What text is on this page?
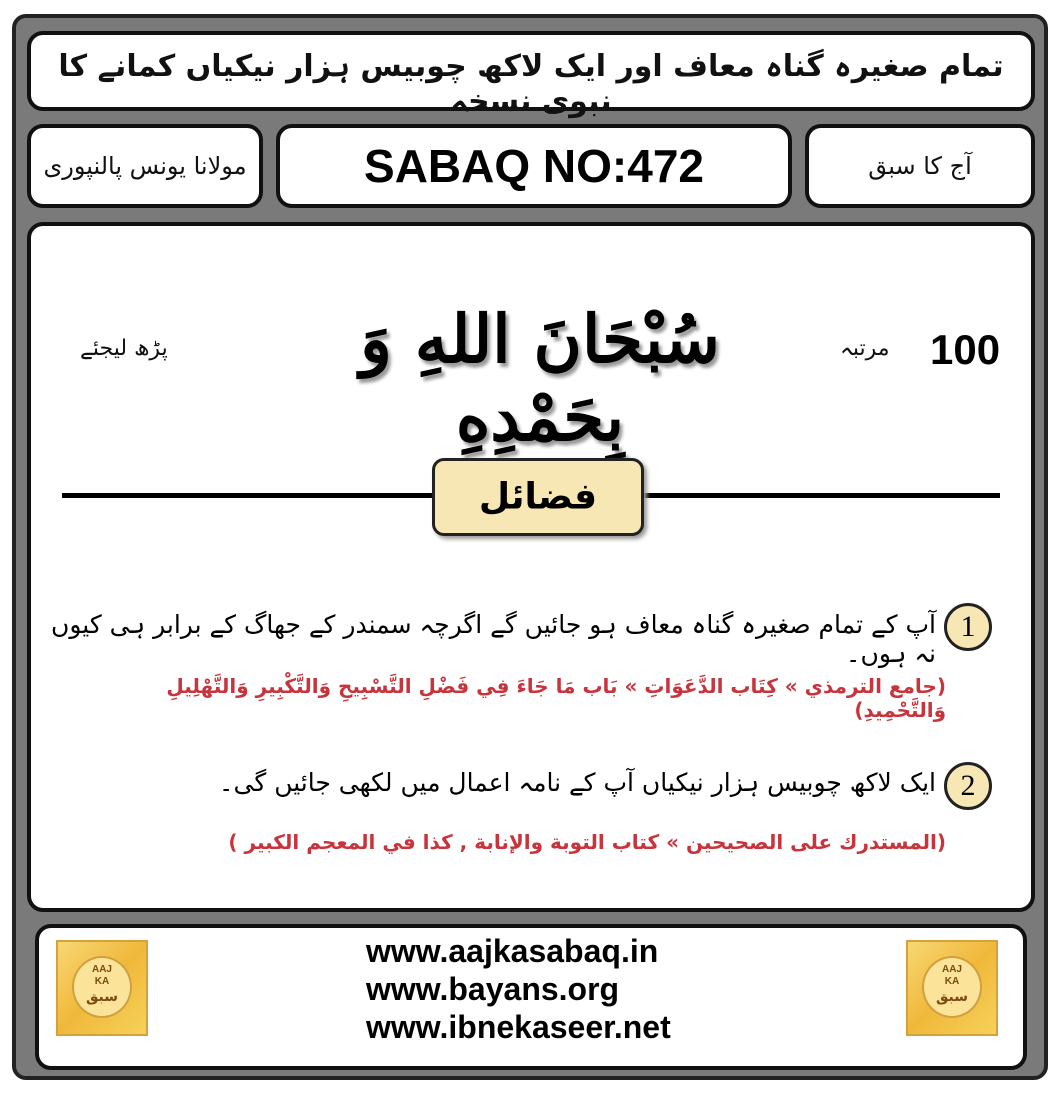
تمام صغیرہ گناہ معاف اور ایک لاکھ چوبیس ہزار نیکیاں کمانے کا نبوی نسخہ
مولانا یونس پالنپوری	SABAQ NO:472	آج کا سبق
100
مرتبہ
سُبْحَانَ اللهِ وَ بِحَمْدِهِ
پڑھ لیجئے
فضائل
1
آپ کے تمام صغیرہ گناہ معاف ہو جائیں گے اگرچہ سمندر کے جھاگ کے برابر ہی کیوں نہ ہوں۔
(جامع الترمذي » كِتَاب الدَّعَوَاتِ » بَاب مَا جَاءَ فِي فَضْلِ التَّسْبِيحِ وَالتَّكْبِيرِ وَالتَّهْلِيلِ وَالتَّحْمِيدِ)
2
ایک لاکھ چوبیس ہزار نیکیاں آپ کے نامہ اعمال میں لکھی جائیں گی۔
(المستدرك على الصحيحين » كتاب التوبة والإنابة , كذا في المعجم الكبير )
AAJ
KA
سبق
www.aajkasabaq.in
www.bayans.org
www.ibnekaseer.net
AAJ
KA
سبق
